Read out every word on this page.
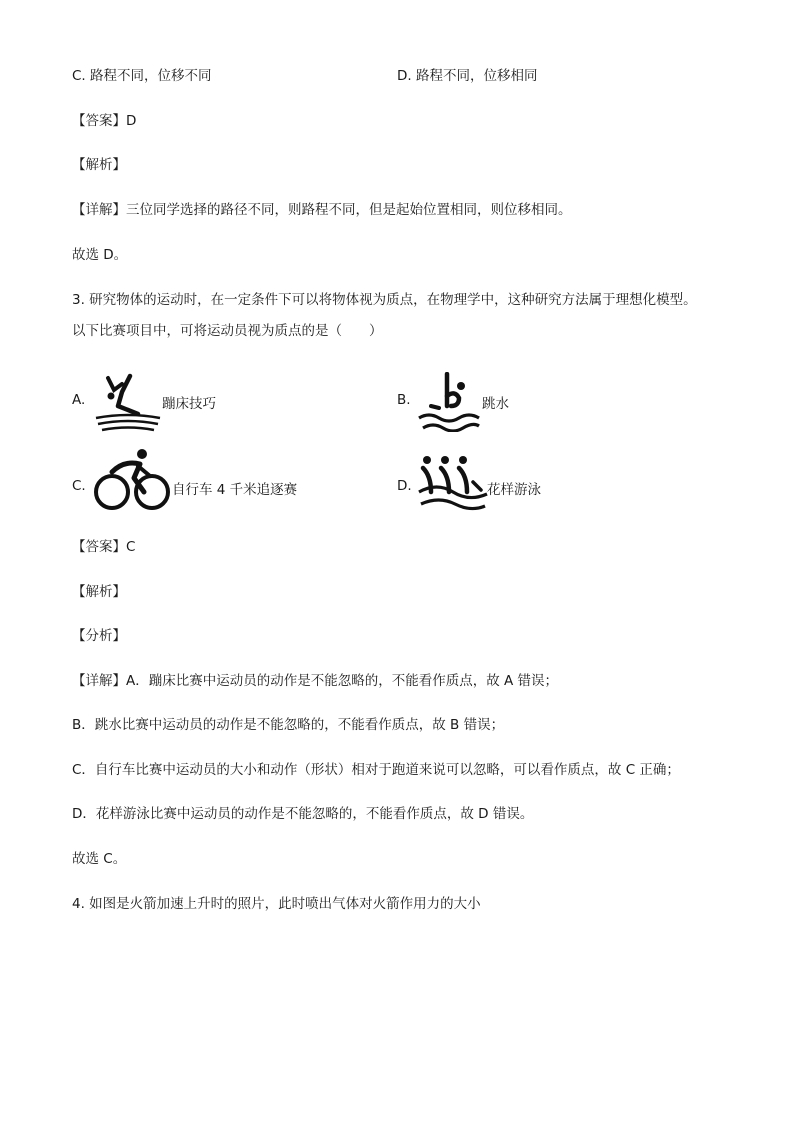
C. 路程不同，位移不同	D. 路程不同，位移相同
【答案】D
【解析】
【详解】三位同学选择的路径不同，则路程不同，但是起始位置相同，则位移相同。
故选 D。
3. 研究物体的运动时，在一定条件下可以将物体视为质点，在物理学中，这种研究方法属于理想化模型。
以下比赛项目中，可将运动员视为质点的是（　　）
A.	蹦床技巧	B.	跳水
C.	自行车 4 千米追逐赛	D.	花样游泳
【答案】C
【解析】
【分析】
【详解】A．蹦床比赛中运动员的动作是不能忽略的，不能看作质点，故 A 错误；
B．跳水比赛中运动员的动作是不能忽略的，不能看作质点，故 B 错误；
C．自行车比赛中运动员的大小和动作（形状）相对于跑道来说可以忽略，可以看作质点，故 C 正确；
D．花样游泳比赛中运动员的动作是不能忽略的，不能看作质点，故 D 错误。
故选 C。
4. 如图是火箭加速上升时的照片，此时喷出气体对火箭作用力的大小
